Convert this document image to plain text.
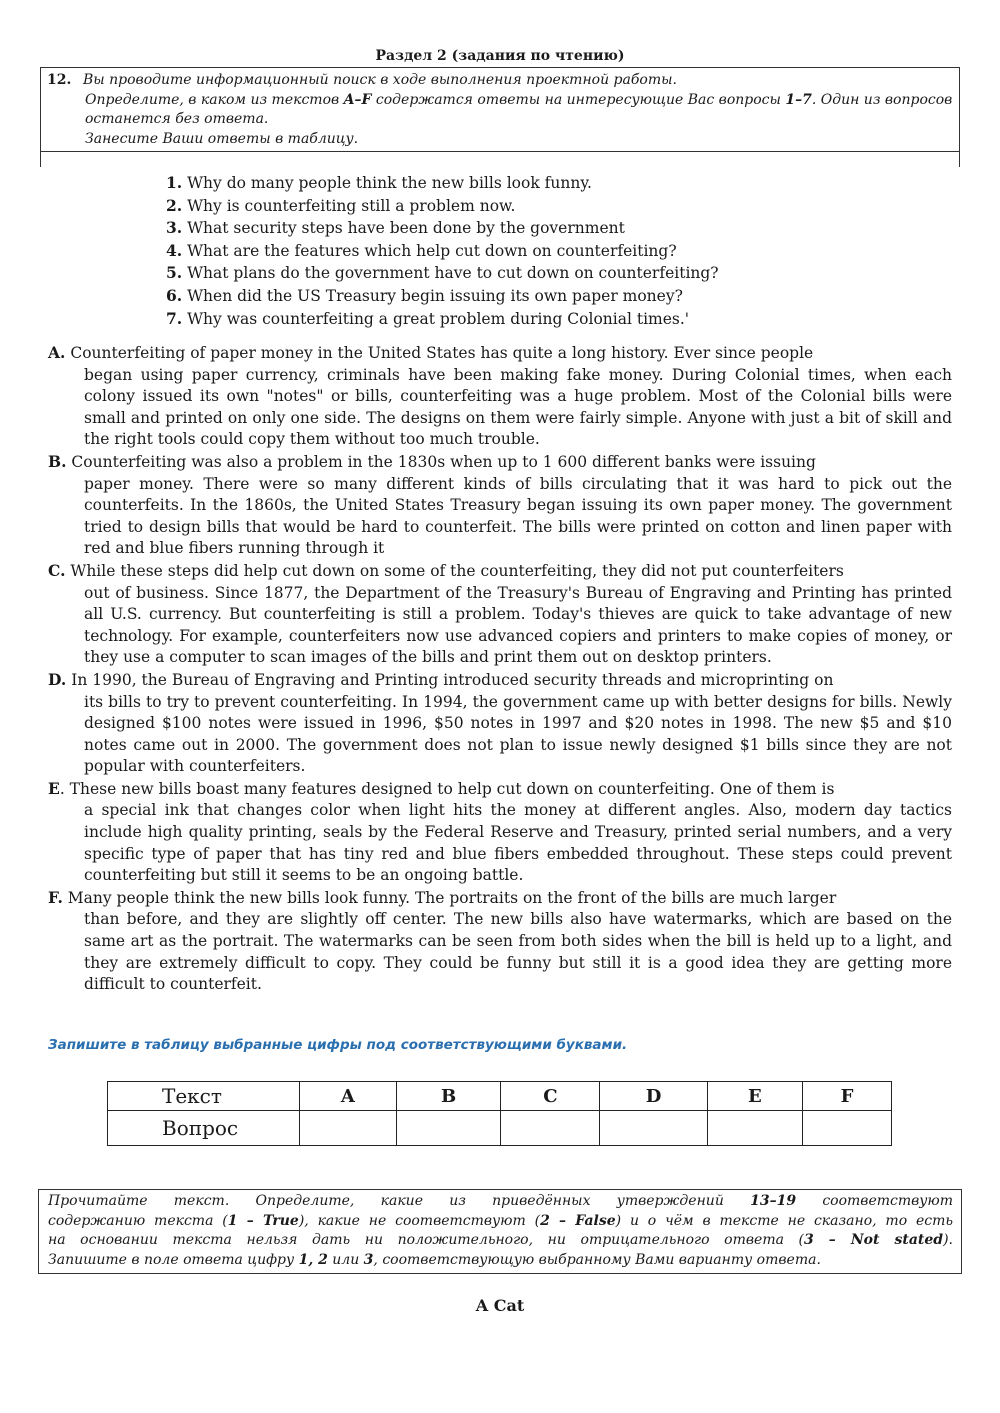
Раздел 2 (задания по чтению)
12. Вы проводите информационный поиск в ходе выполнения проектной работы.
Определите, в каком из текстов A–F содержатся ответы на интересующие Вас вопросы 1–7. Один из вопросов останется без ответа.
Занесите Ваши ответы в таблицу.
1. Why do many people think the new bills look funny.
2. Why is counterfeiting still a problem now.
3. What security steps have been done by the government
4. What are the features which help cut down on counterfeiting?
5. What plans do the government have to cut down on counterfeiting?
6. When did the US Treasury begin issuing its own paper money?
7. Why was counterfeiting a great problem during Colonial times.'
A. Counterfeiting of paper money in the United States has quite a long history. Ever since people
began using paper currency, criminals have been making fake money. During Colonial times, when each colony issued its own "notes" or bills, counterfeiting was a huge problem. Most of the Colonial bills were small and printed on only one side. The designs on them were fairly simple. Anyone with just a bit of skill and the right tools could copy them without too much trouble.
B. Counterfeiting was also a problem in the 1830s when up to 1 600 different banks were issuing
paper money. There were so many different kinds of bills circulating that it was hard to pick out the counterfeits. In the 1860s, the United States Treasury began issuing its own paper money. The government tried to design bills that would be hard to counterfeit. The bills were printed on cotton and linen paper with red and blue fibers running through it
C. While these steps did help cut down on some of the counterfeiting, they did not put counterfeiters
out of business. Since 1877, the Department of the Treasury's Bureau of Engraving and Printing has printed all U.S. currency. But counterfeiting is still a problem. Today's thieves are quick to take advantage of new technology. For example, counterfeiters now use advanced copiers and printers to make copies of money, or they use a computer to scan images of the bills and print them out on desktop printers.
D. In 1990, the Bureau of Engraving and Printing introduced security threads and microprinting on
its bills to try to prevent counterfeiting. In 1994, the government came up with better designs for bills. Newly designed $100 notes were issued in 1996, $50 notes in 1997 and $20 notes in 1998. The new $5 and $10 notes came out in 2000. The government does not plan to issue newly designed $1 bills since they are not popular with counterfeiters.
E. These new bills boast many features designed to help cut down on counterfeiting. One of them is
a special ink that changes color when light hits the money at different angles. Also, modern day tactics include high quality printing, seals by the Federal Reserve and Treasury, printed serial numbers, and a very specific type of paper that has tiny red and blue fibers embedded throughout. These steps could prevent counterfeiting but still it seems to be an ongoing battle.
F. Many people think the new bills look funny. The portraits on the front of the bills are much larger
than before, and they are slightly off center. The new bills also have watermarks, which are based on the same art as the portrait. The watermarks can be seen from both sides when the bill is held up to a light, and they are extremely difficult to copy. They could be funny but still it is a good idea they are getting more difficult to counterfeit.
Запишите в таблицу выбранные цифры под соответствующими буквами.
Текст	A	B	C	D	E	F
Вопрос						
Прочитайте текст. Определите, какие из приведённых утверждений 13–19 соответствуют
содержанию текста (1 – True), какие не соответствуют (2 – False) и о чём в тексте не сказано, то есть
на основании текста нельзя дать ни положительного, ни отрицательного ответа (3 – Not stated).
Запишите в поле ответа цифру 1, 2 или 3, соответствующую выбранному Вами варианту ответа.
A Cat
